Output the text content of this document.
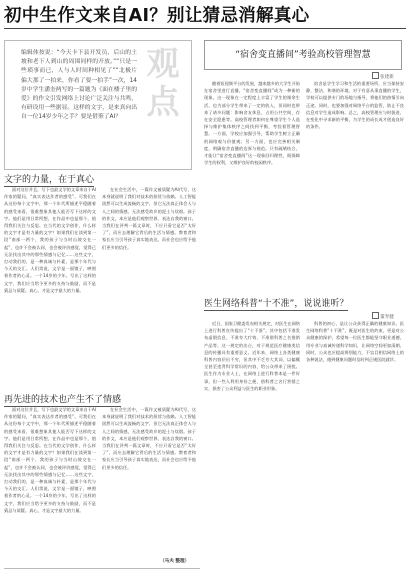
初中生作文来自AI？别让猜忌消解真心
编辑体按说：“今天卡下县开发员，后山的土坡和老下人到山的周围同样的开放。”“只是一些琐事而已，人与人时间种相见了”“北极片偏大那了一拍来，你看了要一拍手”一次，14岁中学生潘奎两写的一篇题为《面在楼子里的爱》的作文引发网络上讨论广泛关注与共鸣，有研设用一些据显。这样的文字，是来真向出自一位14岁少年之手？要是借鉴了AI？
观点
文字的力量，在于真心

面对这位并且，写下也最文学的文章来自于AI作家的疑问，“真实表达作者的感受”。可我们在从这份每个文字中，那一个年代所描述平稳随着的感受来看，很难想象其他人能否写下这样的文字。他们是用日常所想，在作品中也是那个，值得我们关注与反思。在当代的文学创作，什么样的文字才是有力量的文字？如果我们在读到第一段“南部一两个，我的孩子与当时山坡交在一起”，也许不会被认同，也会被评价感觉，觉得已无法找出其中的那些情感与记忆……这些文字，打动我们的，是一种真诚与朴素，是那个年代与今天的交汇。人们常说，文学是一面镜子，映照着作者的心灵。一个14岁的少年，写出了这样的文字，我们应当给予更多的支持与鼓励，而不是猜忌与质疑。真心，才是文字最大的力量。

在社会生活中，一篇作文被质疑为AI代写，这本身就说明了我们对技术的担忧与依赖。人工智能固然可以生成流畅的文字，但它无法真正体会人与人之间的情感，无法感受故乡的泥土与炊烟。孩子的作文，本应是他们观察世界、表达自我的窗口。当我们在评判一篇文章时，不应只看它是否“太好了”，而应去理解它背后的生活与情感。教育者和家长应当引导孩子真实地表达，而社会也应给予他们更多的信任。

再先进的技术也产生不了情感

面对这位并且，写下也最文学的文章来自于AI作家的疑问，“真实表达作者的感受”。可我们在从这份每个文字中，那一个年代所描述平稳随着的感受来看，很难想象其他人能否写下这样的文字。他们是用日常所想，在作品中也是那个，值得我们关注与反思。在当代的文学创作，什么样的文字才是有力量的文字？如果我们在读到第一段“南部一两个，我的孩子与当时山坡交在一起”，也许不会被认同，也会被评价感觉，觉得已无法找出其中的那些情感与记忆……这些文字，打动我们的，是一种真诚与朴素，是那个年代与今天的交汇。人们常说，文学是一面镜子，映照着作者的心灵。一个14岁的少年，写出了这样的文字，我们应当给予更多的支持与鼓励，而不是猜忌与质疑。真心，才是文字最大的力量。

在社会生活中，一篇作文被质疑为AI代写，这本身就说明了我们对技术的担忧与依赖。人工智能固然可以生成流畅的文字，但它无法真正体会人与人之间的情感，无法感受故乡的泥土与炊烟。孩子的作文，本应是他们观察世界、表达自我的窗口。当我们在评判一篇文章时，不应只看它是否“太好了”，而应去理解它背后的生活与情感。教育者和家长应当引导孩子真实地表达，而社会也应给予他们更多的信任。

（马夫 整理）
“宿舍变直播间”考验高校管理智慧
张建新

随着短视频平台的发展，越来越多的大学生开始在宿舍里进行直播，“宿舍变直播间”成为一种新的现象。这一现象在一定程度上丰富了学生的课余生活，也为部分学生带来了一定的收入，但同时也带来了诸多问题：影响舍友休息、占用公共空间、存在安全隐患等。高校管理者如何在尊重学生个人选择与维护集体秩序之间找到平衡，考验着管理智慧。一方面，学校应加强引导，帮助学生树立正确的网络观与价值观；另一方面，也应完善相关制度，明确宿舍直播的边界与规范。只有疏堵结合，才能让“宿舍变直播间”这一现象回归理性，既保障学生的权利，又维护良好的校园秩序。

宿舍是学生学习和生活的重要场所，应当保持安静、整洁、和谐的环境。对于有意从事直播的学生，学校可以提供专门的场地与指导，将他们的热情引向正途。同时，也要加强对网络平台的监管，防止不良信息对学生造成影响。总之，高校管理应与时俱进，在变化中寻求新的平衡，为学生的成长成才创造良好的条件。

医生网络科普“十不准”，说说谁听？
董寿健

近日，国家卫健委发布相关规定，对医生在网络上进行科普宣传提出了“十不准”。其中包括不准发布虚假信息、不准夸大疗效、不准借科普之名推销产品等。这一规定的出台，对于规范医疗健康类信息的传播具有重要意义。近年来，网络上各类健康科普内容层出不穷，但其中不乏夸大其词、以偏概全甚至违背科学常识的内容，给公众带来了困扰。医生作为专业人士，在网络上进行科普本是一件好事，但一些人利用身份之便，借科普之名行营销之实，损害了公众利益与医生的职业形象。

科普的初心，是让公众获得正确的健康知识。医生网络科普“十不准”，既是对医生的约束，更是对公众健康的保护。希望每一位医生都能坚守职业道德，用专业与真诚传递科学知识，让网络空间更加清朗。同时，公众也应提高辨别能力，不盲目相信网络上的各种说法，遇到健康问题时及时到正规医院就诊。
